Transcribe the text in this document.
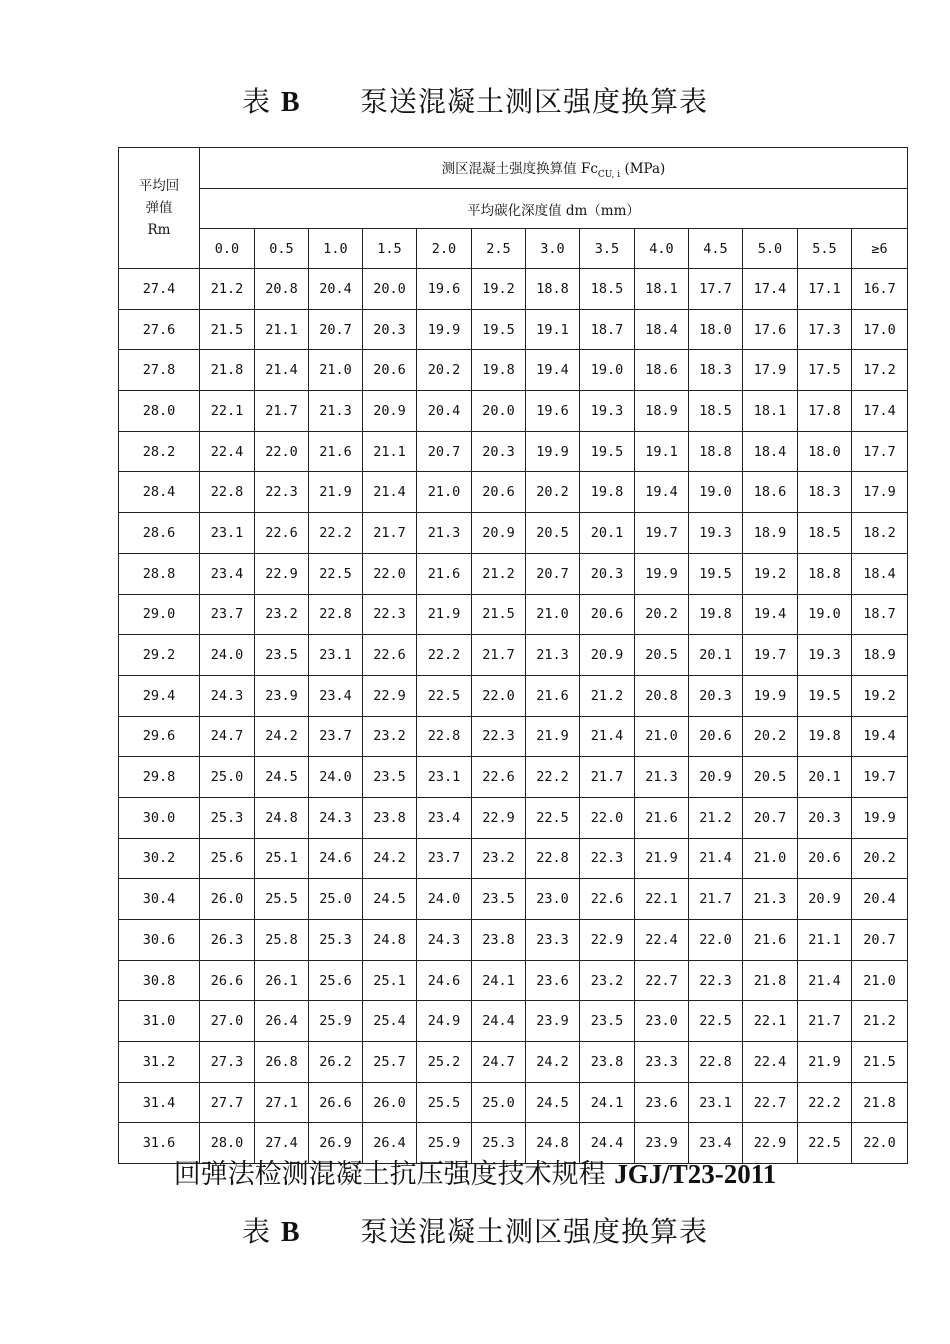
表 B 泵送混凝土测区强度换算表
平均回
弹值
Rm	测区混凝土强度换算值 $Fc_{CU, i}$ (MPa)												
	平均碳化深度值 dm（mm）												
	0.0	0.5	1.0	1.5	2.0	2.5	3.0	3.5	4.0	4.5	5.0	5.5	≥6
27.4	21.2	20.8	20.4	20.0	19.6	19.2	18.8	18.5	18.1	17.7	17.4	17.1	16.7
27.6	21.5	21.1	20.7	20.3	19.9	19.5	19.1	18.7	18.4	18.0	17.6	17.3	17.0
27.8	21.8	21.4	21.0	20.6	20.2	19.8	19.4	19.0	18.6	18.3	17.9	17.5	17.2
28.0	22.1	21.7	21.3	20.9	20.4	20.0	19.6	19.3	18.9	18.5	18.1	17.8	17.4
28.2	22.4	22.0	21.6	21.1	20.7	20.3	19.9	19.5	19.1	18.8	18.4	18.0	17.7
28.4	22.8	22.3	21.9	21.4	21.0	20.6	20.2	19.8	19.4	19.0	18.6	18.3	17.9
28.6	23.1	22.6	22.2	21.7	21.3	20.9	20.5	20.1	19.7	19.3	18.9	18.5	18.2
28.8	23.4	22.9	22.5	22.0	21.6	21.2	20.7	20.3	19.9	19.5	19.2	18.8	18.4
29.0	23.7	23.2	22.8	22.3	21.9	21.5	21.0	20.6	20.2	19.8	19.4	19.0	18.7
29.2	24.0	23.5	23.1	22.6	22.2	21.7	21.3	20.9	20.5	20.1	19.7	19.3	18.9
29.4	24.3	23.9	23.4	22.9	22.5	22.0	21.6	21.2	20.8	20.3	19.9	19.5	19.2
29.6	24.7	24.2	23.7	23.2	22.8	22.3	21.9	21.4	21.0	20.6	20.2	19.8	19.4
29.8	25.0	24.5	24.0	23.5	23.1	22.6	22.2	21.7	21.3	20.9	20.5	20.1	19.7
30.0	25.3	24.8	24.3	23.8	23.4	22.9	22.5	22.0	21.6	21.2	20.7	20.3	19.9
30.2	25.6	25.1	24.6	24.2	23.7	23.2	22.8	22.3	21.9	21.4	21.0	20.6	20.2
30.4	26.0	25.5	25.0	24.5	24.0	23.5	23.0	22.6	22.1	21.7	21.3	20.9	20.4
30.6	26.3	25.8	25.3	24.8	24.3	23.8	23.3	22.9	22.4	22.0	21.6	21.1	20.7
30.8	26.6	26.1	25.6	25.1	24.6	24.1	23.6	23.2	22.7	22.3	21.8	21.4	21.0
31.0	27.0	26.4	25.9	25.4	24.9	24.4	23.9	23.5	23.0	22.5	22.1	21.7	21.2
31.2	27.3	26.8	26.2	25.7	25.2	24.7	24.2	23.8	23.3	22.8	22.4	21.9	21.5
31.4	27.7	27.1	26.6	26.0	25.5	25.0	24.5	24.1	23.6	23.1	22.7	22.2	21.8
31.6	28.0	27.4	26.9	26.4	25.9	25.3	24.8	24.4	23.9	23.4	22.9	22.5	22.0
回弹法检测混凝土抗压强度技术规程 JGJ/T23-2011
表 B 泵送混凝土测区强度换算表
